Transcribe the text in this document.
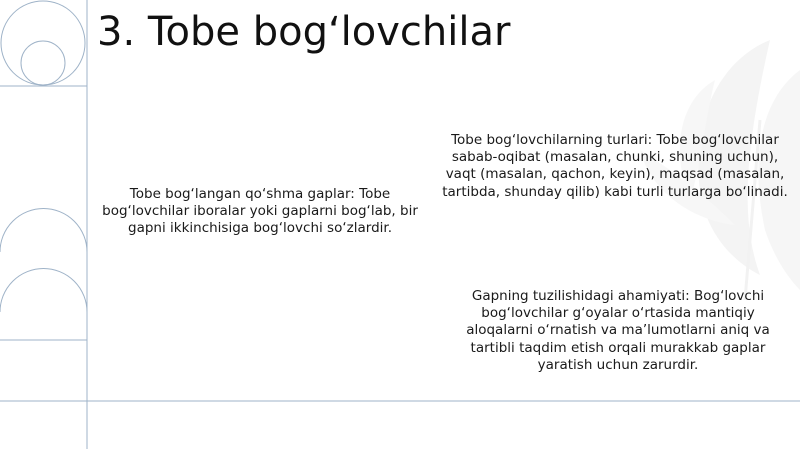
3. Tobe bog‘lovchilar

Tobe bog‘langan qo‘shma gaplar: Tobe bog‘lovchilar iboralar yoki gaplarni bog‘lab, bir gapni ikkinchisiga bog‘lovchi so‘zlardir.

Tobe bog‘lovchilarning turlari: Tobe bog‘lovchilar sabab-oqibat (masalan, chunki, shuning uchun), vaqt (masalan, qachon, keyin), maqsad (masalan, tartibda, shunday qilib) kabi turli turlarga bo‘linadi.

Gapning tuzilishidagi ahamiyati: Bog‘lovchi bog‘lovchilar g‘oyalar o‘rtasida mantiqiy aloqalarni o‘rnatish va ma’lumotlarni aniq va tartibli taqdim etish orqali murakkab gaplar yaratish uchun zarurdir.
